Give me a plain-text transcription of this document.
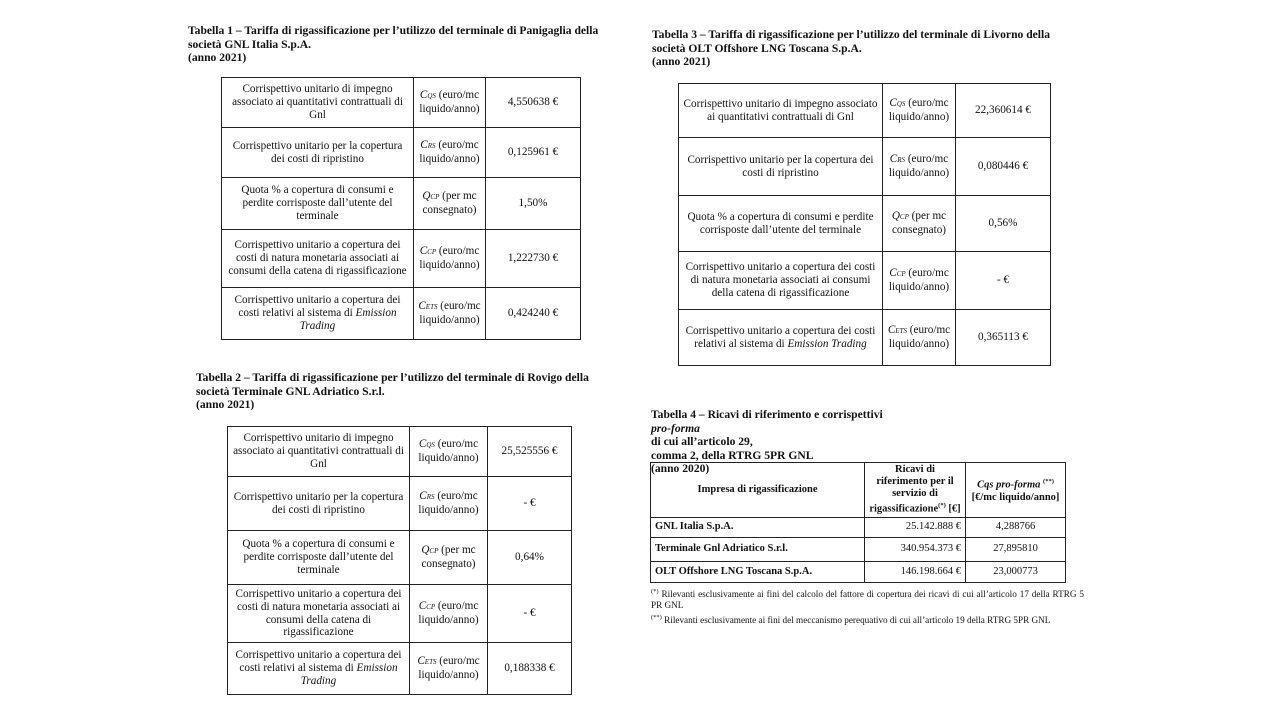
Tabella 1 – Tariffa di rigassificazione per l’utilizzo del terminale di Panigaglia della
società GNL Italia S.p.A.
(anno 2021)

Corrispettivo unitario di impegno associato ai quantitativi contrattuali di Gnl	CQS (euro/mc liquido/anno)	4,550638 €
Corrispettivo unitario per la copertura dei costi di ripristino	CRS (euro/mc liquido/anno)	0,125961 €
Quota % a copertura di consumi e perdite corrisposte dall’utente del terminale	QCP (per mc consegnato)	1,50%
Corrispettivo unitario a copertura dei costi di natura monetaria associati ai consumi della catena di rigassificazione	CCP (euro/mc liquido/anno)	1,222730 €
Corrispettivo unitario a copertura dei costi relativi al sistema di Emission Trading	CETS (euro/mc liquido/anno)	0,424240 €

Tabella 2 – Tariffa di rigassificazione per l’utilizzo del terminale di Rovigo della
società Terminale GNL Adriatico S.r.l.
(anno 2021)

Corrispettivo unitario di impegno associato ai quantitativi contrattuali di Gnl	CQS (euro/mc liquido/anno)	25,525556 €
Corrispettivo unitario per la copertura dei costi di ripristino	CRS (euro/mc liquido/anno)	- €
Quota % a copertura di consumi e perdite corrisposte dall’utente del terminale	QCP (per mc consegnato)	0,64%
Corrispettivo unitario a copertura dei costi di natura monetaria associati ai consumi della catena di rigassificazione	CCP (euro/mc liquido/anno)	- €
Corrispettivo unitario a copertura dei costi relativi al sistema di Emission Trading	CETS (euro/mc liquido/anno)	0,188338 €

Tabella 3 – Tariffa di rigassificazione per l’utilizzo del terminale di Livorno della
società OLT Offshore LNG Toscana S.p.A.
(anno 2021)

Corrispettivo unitario di impegno associato ai quantitativi contrattuali di Gnl	CQS (euro/mc liquido/anno)	22,360614 €
Corrispettivo unitario per la copertura dei costi di ripristino	CRS (euro/mc liquido/anno)	0,080446 €
Quota % a copertura di consumi e perdite corrisposte dall’utente del terminale	QCP (per mc consegnato)	0,56%
Corrispettivo unitario a copertura dei costi di natura monetaria associati ai consumi della catena di rigassificazione	CCP (euro/mc liquido/anno)	- €
Corrispettivo unitario a copertura dei costi relativi al sistema di Emission Trading	CETS (euro/mc liquido/anno)	0,365113 €

Tabella 4 – Ricavi di riferimento e corrispettivi
pro-forma
di cui all’articolo 29,
comma 2, della RTRG 5PR GNL
(anno 2020)

Impresa di rigassificazione	Ricavi di riferimento per il servizio di rigassificazione(*) [€]	Cqs pro-forma (**)
[€/mc liquido/anno]
GNL Italia S.p.A.	25.142.888 €	4,288766
Terminale Gnl Adriatico S.r.l.	340.954.373 €	27,895810
OLT Offshore LNG Toscana S.p.A.	146.198.664 €	23,000773

(*) Rilevanti esclusivamente ai fini del calcolo del fattore di copertura dei ricavi di cui all’articolo 17 della RTRG 5 PR GNL

(**) Rilevanti esclusivamente ai fini del meccanismo perequativo di cui all’articolo 19 della RTRG 5PR GNL
